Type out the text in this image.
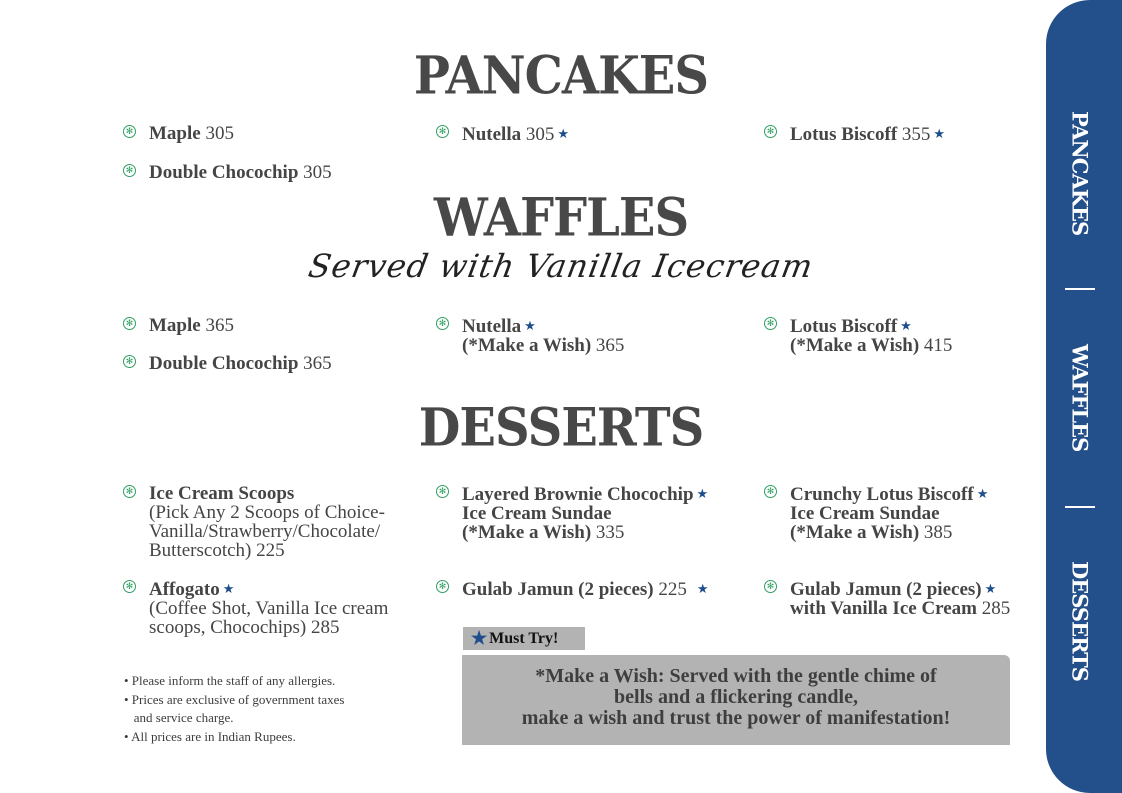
PANCAKES
✻ Maple 305	✻ Nutella 305 ★	✻ Lotus Biscoff 355 ★
✻ Double Chocochip 305
WAFFLES
Served with Vanilla Icecream
✻ Maple 365	✻ Nutella ★
(*Make a Wish) 365
✻ Lotus Biscoff ★
(*Make a Wish) 415
✻ Double Chocochip 365
DESSERTS
✻ Ice Cream Scoops
(Pick Any 2 Scoops of Choice-
Vanilla/Strawberry/Chocolate/
Butterscotch) 225
✻ Layered Brownie Chocochip ★
Ice Cream Sundae
(*Make a Wish) 335
✻ Crunchy Lotus Biscoff ★
Ice Cream Sundae
(*Make a Wish) 385
✻ Affogato ★
(Coffee Shot, Vanilla Ice cream
scoops, Chocochips) 285
✻ Gulab Jamun (2 pieces) 225 ★	✻ Gulab Jamun (2 pieces) ★
with Vanilla Ice Cream 285
• Please inform the staff of any allergies.
• Prices are exclusive of government taxes
and service charge.
• All prices are in Indian Rupees.
★ Must Try!
*Make a Wish: Served with the gentle chime of
bells and a flickering candle,
make a wish and trust the power of manifestation!
PANCAKES
WAFFLES
DESSERTS
